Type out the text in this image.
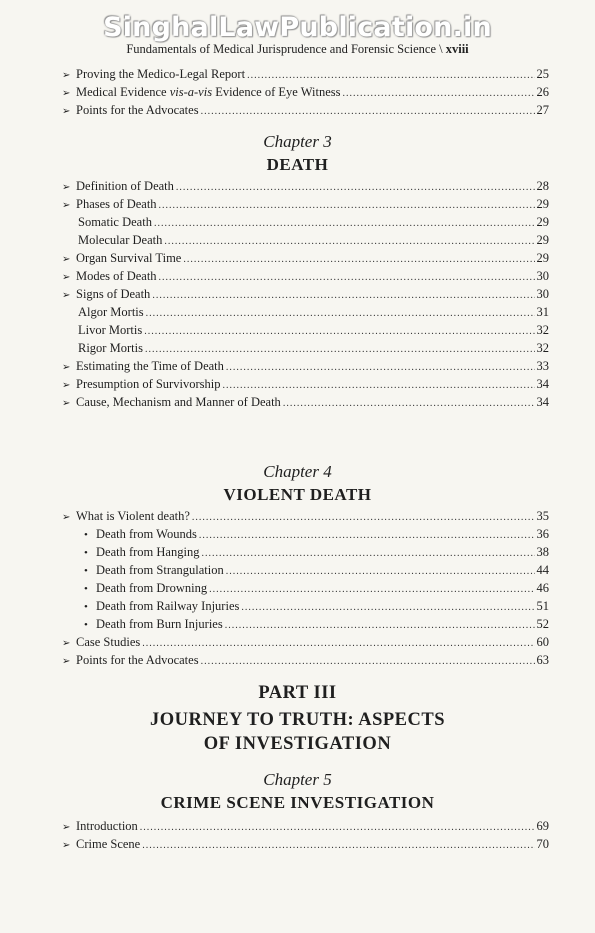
SinghalLawPublication.in
Fundamentals of Medical Jurisprudence and Forensic Science \ xviii
➢ Proving the Medico-Legal Report .....	25
➢ Medical Evidence vis-a-vis Evidence of Eye Witness .....	26
➢ Points for the Advocates .....	27
Chapter 3
DEATH
➢ Definition of Death .....	28
➢ Phases of Death .....	29
Somatic Death .....	29
Molecular Death .....	29
➢ Organ Survival Time .....	29
➢ Modes of Death .....	30
➢ Signs of Death .....	30
Algor Mortis .....	31
Livor Mortis .....	32
Rigor Mortis .....	32
➢ Estimating the Time of Death .....	33
➢ Presumption of Survivorship .....	34
➢ Cause, Mechanism and Manner of Death .....	34
Chapter 4
VIOLENT DEATH
➢ What is Violent death? .....	35
• Death from Wounds .....	36
• Death from Hanging .....	38
• Death from Strangulation .....	44
• Death from Drowning .....	46
• Death from Railway Injuries .....	51
• Death from Burn Injuries .....	52
➢ Case Studies .....	60
➢ Points for the Advocates .....	63
PART III
JOURNEY TO TRUTH: ASPECTS
OF INVESTIGATION
Chapter 5
CRIME SCENE INVESTIGATION
➢ Introduction .....	69
➢ Crime Scene .....	70
